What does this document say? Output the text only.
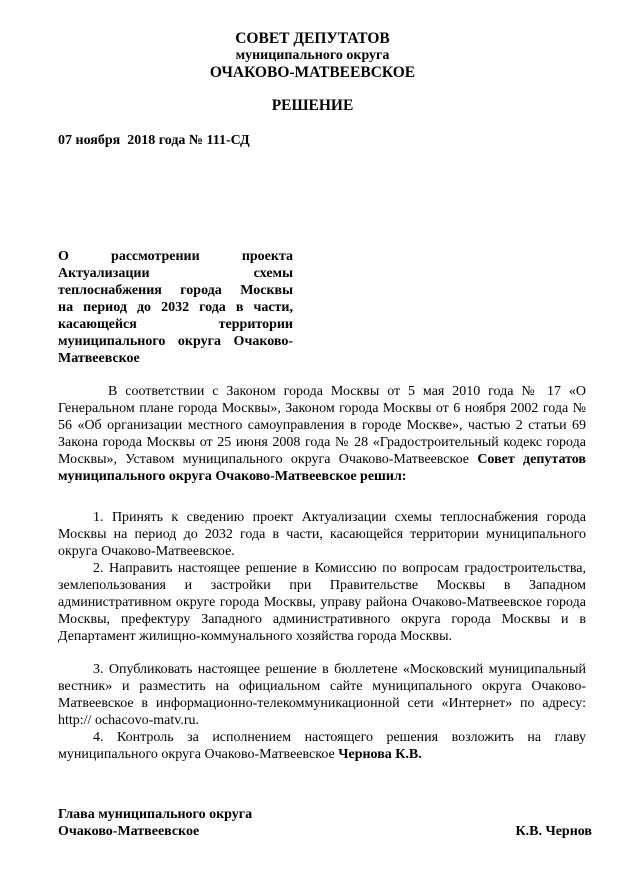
СОВЕТ ДЕПУТАТОВ
муниципального округа
ОЧАКОВО-МАТВЕЕВСКОЕ
РЕШЕНИЕ
07 ноября  2018 года № 111-СД
О рассмотрении проекта
Актуализации схемы
теплоснабжения города Москвы
на период до 2032 года в части,
касающейся территории
муниципального округа Очаково-
Матвеевское
В соответствии с Законом города Москвы от 5 мая 2010 года № 17 «О Генеральном плане города Москвы», Законом города Москвы от 6 ноября 2002 года № 56 «Об организации местного самоуправления в городе Москве», частью 2 статьи 69 Закона города Москвы от 25 июня 2008 года № 28 «Градостроительный кодекс города Москвы», Уставом муниципального округа Очаково-Матвеевское Совет депутатов муниципального округа Очаково-Матвеевское решил:
1. Принять к сведению проект Актуализации схемы теплоснабжения города Москвы на период до 2032 года в части, касающейся территории муниципального округа Очаково-Матвеевское.
2. Направить настоящее решение в Комиссию по вопросам градостроительства, землепользования и застройки при Правительстве Москвы в Западном административном округе города Москвы, управу района Очаково-Матвеевское города Москвы, префектуру Западного административного округа города Москвы и в Департамент жилищно-коммунального хозяйства города Москвы.
3. Опубликовать настоящее решение в бюллетене «Московский муниципальный вестник» и разместить на официальном сайте муниципального округа Очаково-Матвеевское в информационно-телекоммуникационной сети «Интернет» по адресу: http:// ochacovo-matv.ru.
4. Контроль за исполнением настоящего решения возложить на главу муниципального округа Очаково-Матвеевское Чернова К.В.
Глава муниципального округа
Очаково-Матвеевское	К.В. Чернов
